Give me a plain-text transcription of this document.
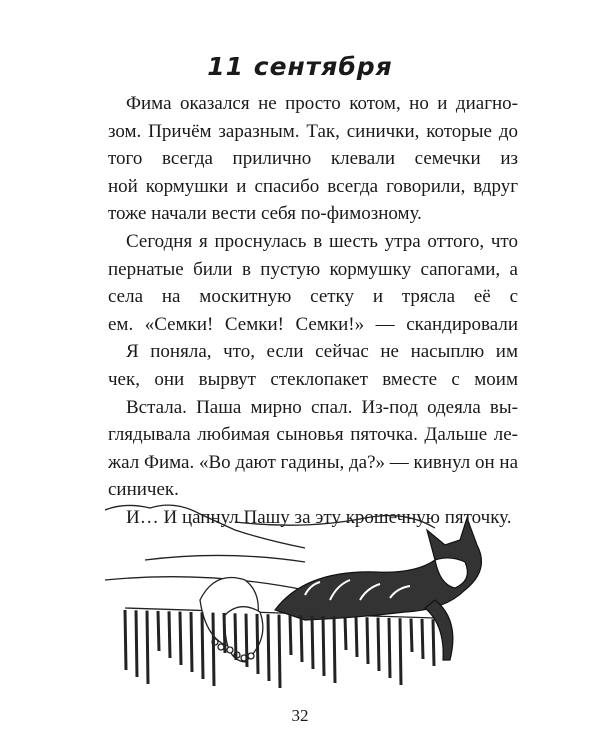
11 сентября
Фима оказался не просто котом, но и диагно-
зом. Причём заразным. Так, синички, которые до
того всегда прилично клевали семечки из
ной кормушки и спасибо всегда говорили, вдруг
тоже начали вести себя по-фимозному.
Сегодня я проснулась в шесть утра оттого, что
пернатые били в пустую кормушку сапогами, а
села на москитную сетку и трясла её с
ем. «Семки! Семки! Семки!» — скандировали
Я поняла, что, если сейчас не насыплю им
чек, они вырвут стеклопакет вместе с моим
Встала. Паша мирно спал. Из-под одеяла вы-
глядывала любимая сыновья пяточка. Дальше ле-
жал Фима. «Во дают гадины, да?» — кивнул он на
синичек.
И… И цапнул Пашу за эту крошечную пяточку.
32
